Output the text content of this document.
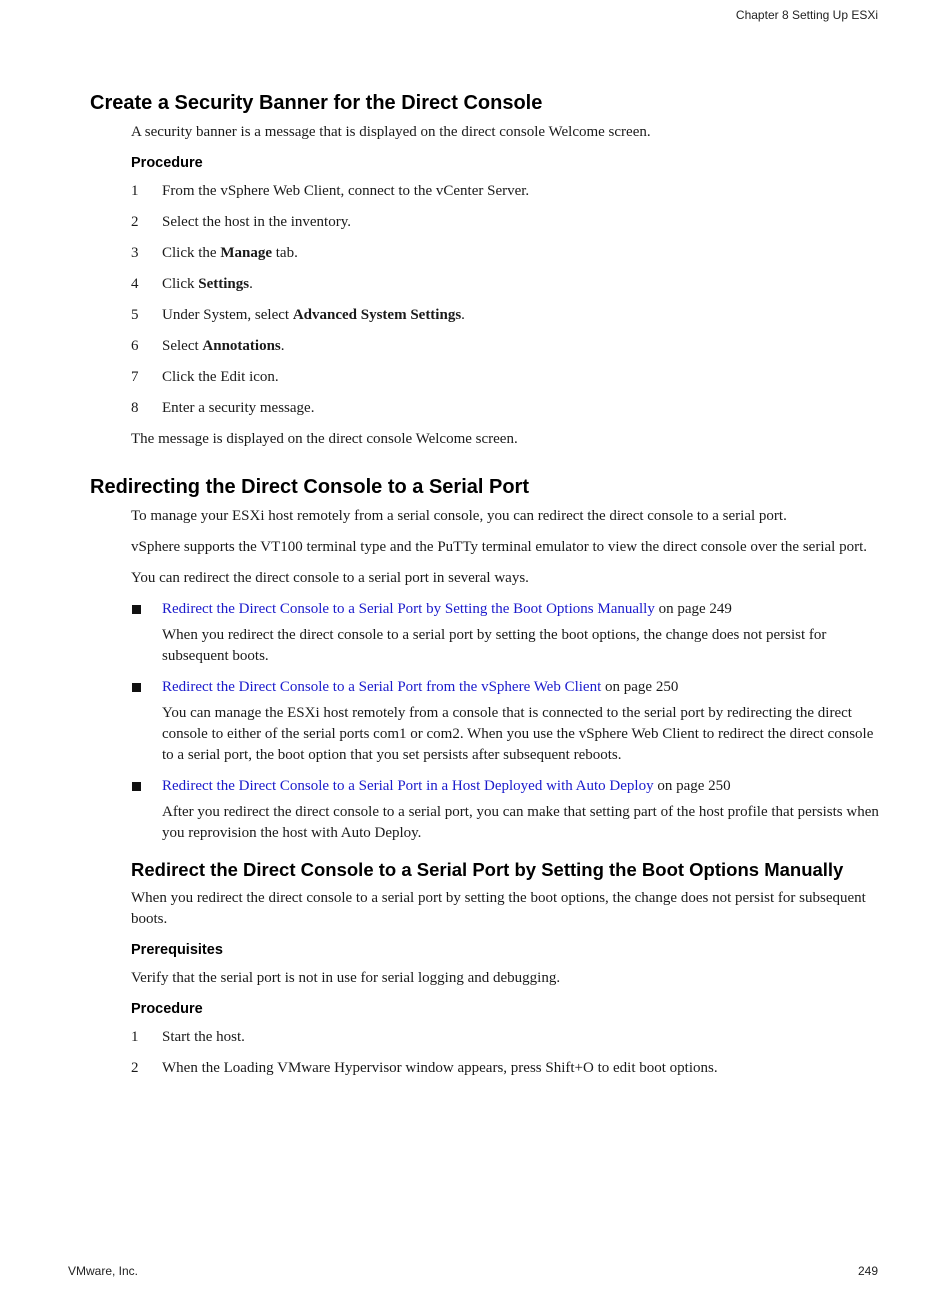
Chapter 8 Setting Up ESXi
Create a Security Banner for the Direct Console

A security banner is a message that is displayed on the direct console Welcome screen.

Procedure
1 From the vSphere Web Client, connect to the vCenter Server.
2 Select the host in the inventory.
3 Click the Manage tab.
4 Click Settings.
5 Under System, select Advanced System Settings.
6 Select Annotations.
7 Click the Edit icon.
8 Enter a security message.

The message is displayed on the direct console Welcome screen.

Redirecting the Direct Console to a Serial Port

To manage your ESXi host remotely from a serial console, you can redirect the direct console to a serial port.

vSphere supports the VT100 terminal type and the PuTTy terminal emulator to view the direct console over the serial port.

You can redirect the direct console to a serial port in several ways.

Redirect the Direct Console to a Serial Port by Setting the Boot Options Manually on page 249
When you redirect the direct console to a serial port by setting the boot options, the change does not persist for subsequent boots.
Redirect the Direct Console to a Serial Port from the vSphere Web Client on page 250
You can manage the ESXi host remotely from a console that is connected to the serial port by redirecting the direct console to either of the serial ports com1 or com2. When you use the vSphere Web Client to redirect the direct console to a serial port, the boot option that you set persists after subsequent reboots.
Redirect the Direct Console to a Serial Port in a Host Deployed with Auto Deploy on page 250
After you redirect the direct console to a serial port, you can make that setting part of the host profile that persists when you reprovision the host with Auto Deploy.
Redirect the Direct Console to a Serial Port by Setting the Boot Options Manually

When you redirect the direct console to a serial port by setting the boot options, the change does not persist for subsequent boots.

Prerequisites

Verify that the serial port is not in use for serial logging and debugging.

Procedure
1 Start the host.
2 When the Loading VMware Hypervisor window appears, press Shift+O to edit boot options.
VMware, Inc.	249
